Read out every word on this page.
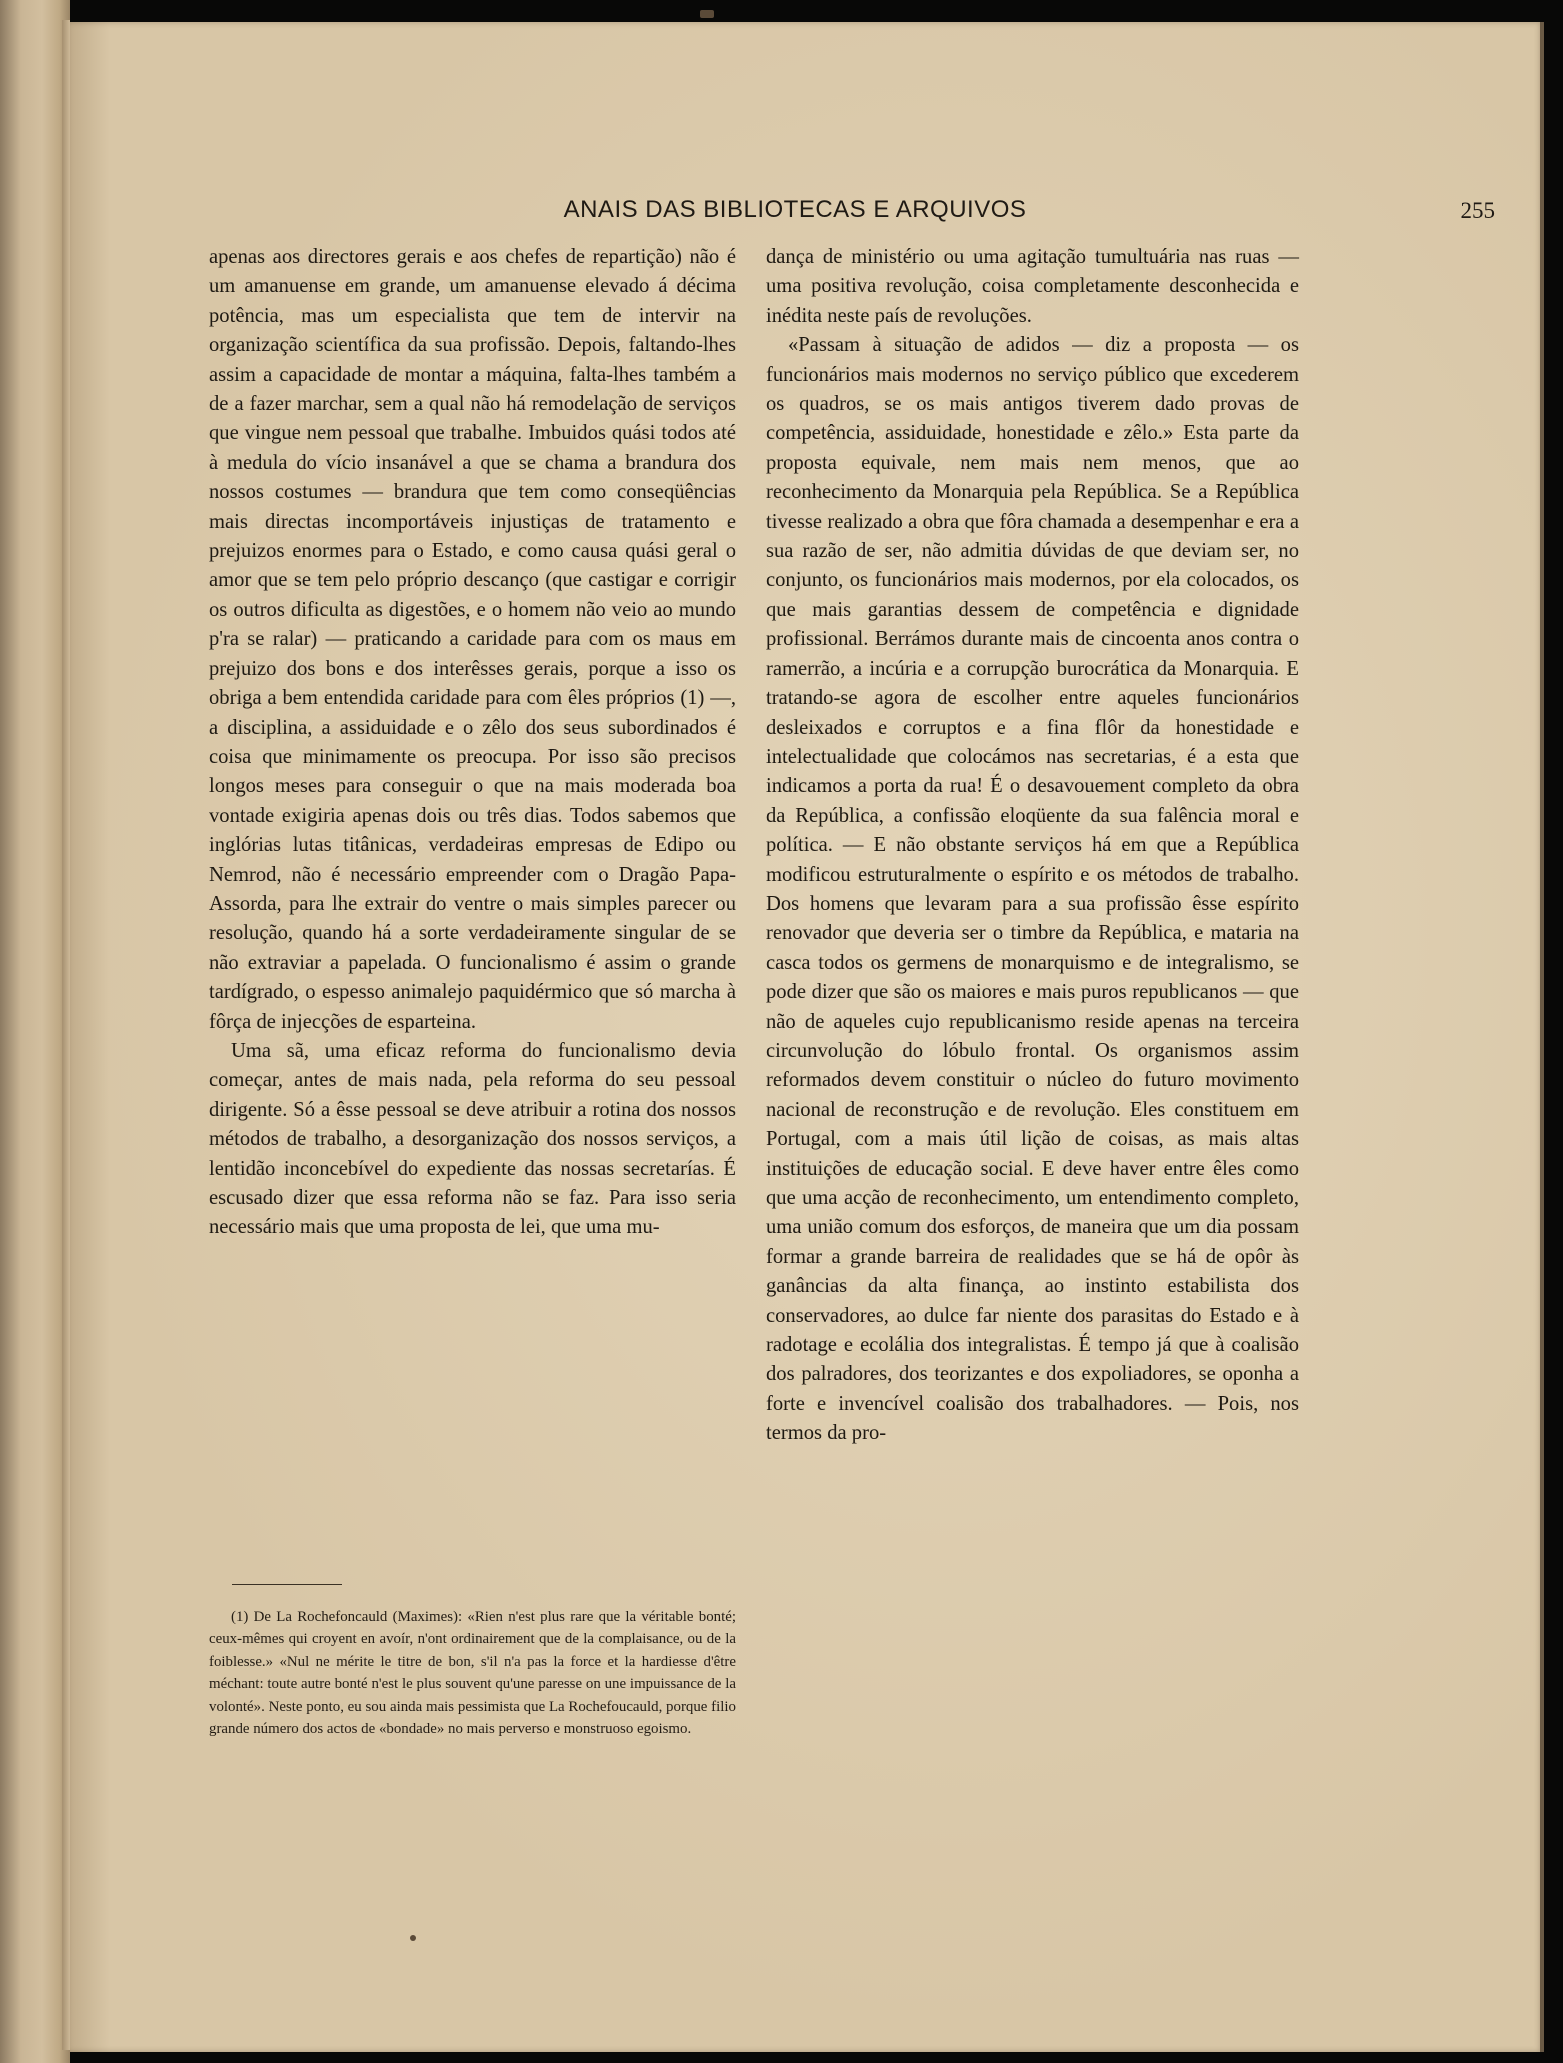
ANAIS DAS BIBLIOTECAS E ARQUIVOS	255

apenas aos directores gerais e aos chefes de repartição) não é um amanuense em grande, um amanuense elevado á décima potência, mas um especialista que tem de intervir na organização scientífica da sua profissão. Depois, faltando-lhes assim a capacidade de montar a máquina, falta-lhes também a de a fazer marchar, sem a qual não há remodelação de serviços que vingue nem pessoal que trabalhe. Imbuidos quási todos até à medula do vício insanável a que se chama a brandura dos nossos costumes — brandura que tem como conseqüências mais directas incomportáveis injustiças de tratamento e prejuizos enormes para o Estado, e como causa quási geral o amor que se tem pelo próprio descanço (que castigar e corrigir os outros dificulta as digestões, e o homem não veio ao mundo p'ra se ralar) — praticando a caridade para com os maus em prejuizo dos bons e dos interêsses gerais, porque a isso os obriga a bem entendida caridade para com êles próprios (1) —, a disciplina, a assiduidade e o zêlo dos seus subordinados é coisa que minimamente os preocupa. Por isso são precisos longos meses para conseguir o que na mais moderada boa vontade exigiria apenas dois ou três dias. Todos sabemos que inglórias lutas titânicas, verdadeiras empresas de Edipo ou Nemrod, não é necessário empreender com o Dragão Papa-Assorda, para lhe extrair do ventre o mais simples parecer ou resolução, quando há a sorte verdadeiramente singular de se não extraviar a papelada. O funcionalismo é assim o grande tardígrado, o espesso animalejo paquidérmico que só marcha à fôrça de injecções de esparteina.

Uma sã, uma eficaz reforma do funcionalismo devia começar, antes de mais nada, pela reforma do seu pessoal dirigente. Só a êsse pessoal se deve atribuir a rotina dos nossos métodos de trabalho, a desorganização dos nossos serviços, a lentidão inconcebível do expediente das nossas secretarías. É escusado dizer que essa reforma não se faz. Para isso seria necessário mais que uma proposta de lei, que uma mu-

(1) De La Rochefoncauld (Maximes): «Rien n'est plus rare que la véritable bonté; ceux-mêmes qui croyent en avoír, n'ont ordinairement que de la complaisance, ou de la foiblesse.» «Nul ne mérite le titre de bon, s'il n'a pas la force et la hardiesse d'être méchant: toute autre bonté n'est le plus souvent qu'une paresse on une impuissance de la volonté». Neste ponto, eu sou ainda mais pessimista que La Rochefoucauld, porque filio grande número dos actos de «bondade» no mais perverso e monstruoso egoismo.

dança de ministério ou uma agitação tumultuária nas ruas — uma positiva revolução, coisa completamente desconhecida e inédita neste país de revoluções.

«Passam à situação de adidos — diz a proposta — os funcionários mais modernos no serviço público que excederem os quadros, se os mais antigos tiverem dado provas de competência, assiduidade, honestidade e zêlo.» Esta parte da proposta equivale, nem mais nem menos, que ao reconhecimento da Monarquia pela República. Se a República tivesse realizado a obra que fôra chamada a desempenhar e era a sua razão de ser, não admitia dúvidas de que deviam ser, no conjunto, os funcionários mais modernos, por ela colocados, os que mais garantias dessem de competência e dignidade profissional. Berrámos durante mais de cincoenta anos contra o ramerrão, a incúria e a corrupção burocrática da Monarquia. E tratando-se agora de escolher entre aqueles funcionários desleixados e corruptos e a fina flôr da honestidade e intelectualidade que colocámos nas secretarias, é a esta que indicamos a porta da rua! É o desavouement completo da obra da República, a confissão eloqüente da sua falência moral e política. — E não obstante serviços há em que a República modificou estruturalmente o espírito e os métodos de trabalho. Dos homens que levaram para a sua profissão êsse espírito renovador que deveria ser o timbre da República, e mataria na casca todos os germens de monarquismo e de integralismo, se pode dizer que são os maiores e mais puros republicanos — que não de aqueles cujo republicanismo reside apenas na terceira circunvolução do lóbulo frontal. Os organismos assim reformados devem constituir o núcleo do futuro movimento nacional de reconstrução e de revolução. Eles constituem em Portugal, com a mais útil lição de coisas, as mais altas instituições de educação social. E deve haver entre êles como que uma acção de reconhecimento, um entendimento completo, uma união comum dos esforços, de maneira que um dia possam formar a grande barreira de realidades que se há de opôr às ganâncias da alta finança, ao instinto estabilista dos conservadores, ao dulce far niente dos parasitas do Estado e à radotage e ecolália dos integralistas. É tempo já que à coalisão dos palradores, dos teorizantes e dos expoliadores, se oponha a forte e invencível coalisão dos trabalhadores. — Pois, nos termos da pro-
